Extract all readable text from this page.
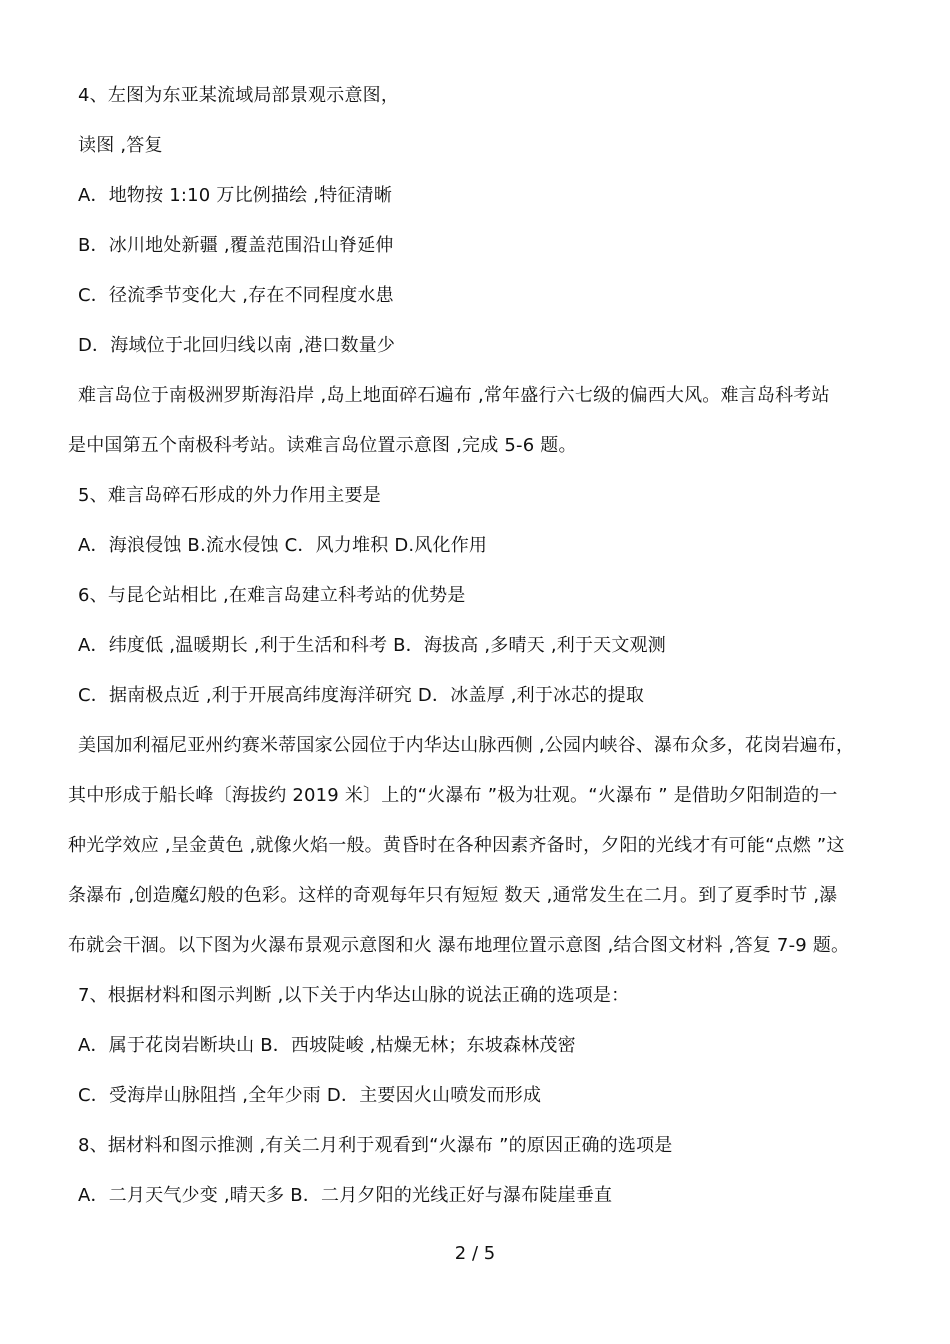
4、左图为东亚某流域局部景观示意图，
读图 ,答复
A．地物按 1:10 万比例描绘 ,特征清晰
B．冰川地处新疆 ,覆盖范围沿山脊延伸
C．径流季节变化大 ,存在不同程度水患
D．海域位于北回归线以南 ,港口数量少
难言岛位于南极洲罗斯海沿岸 ,岛上地面碎石遍布 ,常年盛行六七级的偏西大风。难言岛科考站
是中国第五个南极科考站。读难言岛位置示意图 ,完成 5-6 题。
5、难言岛碎石形成的外力作用主要是
A．海浪侵蚀 B.流水侵蚀 C．风力堆积 D.风化作用
6、与昆仑站相比 ,在难言岛建立科考站的优势是
A．纬度低 ,温暖期长 ,利于生活和科考 B．海拔高 ,多晴天 ,利于天文观测
C．据南极点近 ,利于开展高纬度海洋研究 D．冰盖厚 ,利于冰芯的提取
美国加利福尼亚州约赛米蒂国家公园位于内华达山脉西侧 ,公园内峡谷、瀑布众多，花岗岩遍布，
其中形成于船长峰〔海拔约 2019 米〕上的“火瀑布 ”极为壮观。“火瀑布 ” 是借助夕阳制造的一
种光学效应 ,呈金黄色 ,就像火焰一般。黄昏时在各种因素齐备时，夕阳的光线才有可能“点燃 ”这
条瀑布 ,创造魔幻般的色彩。这样的奇观每年只有短短 数天 ,通常发生在二月。到了夏季时节 ,瀑
布就会干涸。以下图为火瀑布景观示意图和火 瀑布地理位置示意图 ,结合图文材料 ,答复 7-9 题。
7、根据材料和图示判断 ,以下关于内华达山脉的说法正确的选项是：
A．属于花岗岩断块山 B．西坡陡峻 ,枯燥无林；东坡森林茂密
C．受海岸山脉阻挡 ,全年少雨 D．主要因火山喷发而形成
8、据材料和图示推测 ,有关二月利于观看到“火瀑布 ”的原因正确的选项是
A．二月天气少变 ,晴天多 B．二月夕阳的光线正好与瀑布陡崖垂直
2 / 5
